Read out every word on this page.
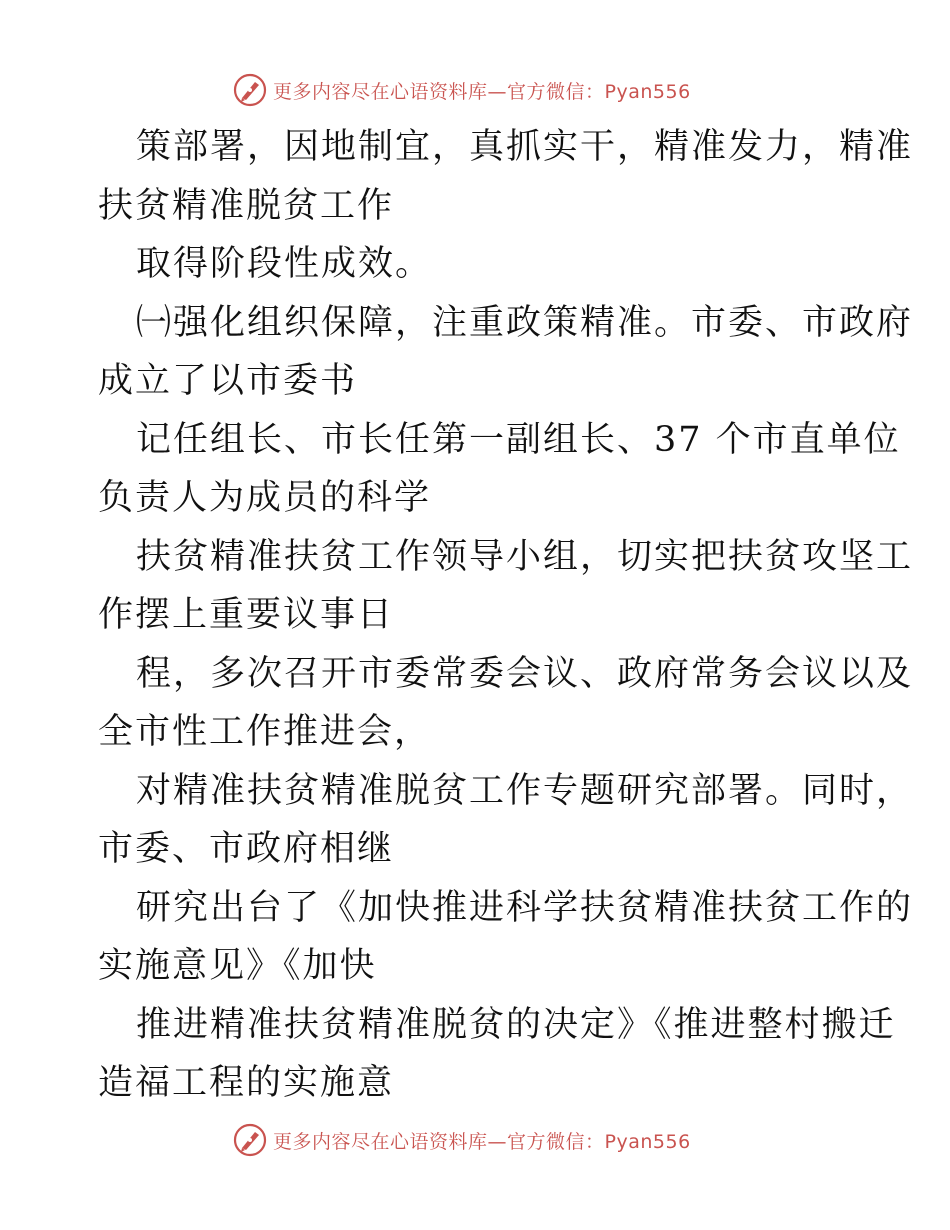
更多内容尽在心语资料库—官方微信：Pyan556
策部署，因地制宜，真抓实干，精准发力，精准
扶贫精准脱贫工作
取得阶段性成效。
㈠强化组织保障，注重政策精准。市委、市政府
成立了以市委书
记任组长、市长任第一副组长、37 个市直单位
负责人为成员的科学
扶贫精准扶贫工作领导小组，切实把扶贫攻坚工
作摆上重要议事日
程，多次召开市委常委会议、政府常务会议以及
全市性工作推进会，
对精准扶贫精准脱贫工作专题研究部署。同时，
市委、市政府相继
研究出台了《加快推进科学扶贫精准扶贫工作的
实施意见》《加快
推进精准扶贫精准脱贫的决定》《推进整村搬迁
造福工程的实施意
更多内容尽在心语资料库—官方微信：Pyan556
